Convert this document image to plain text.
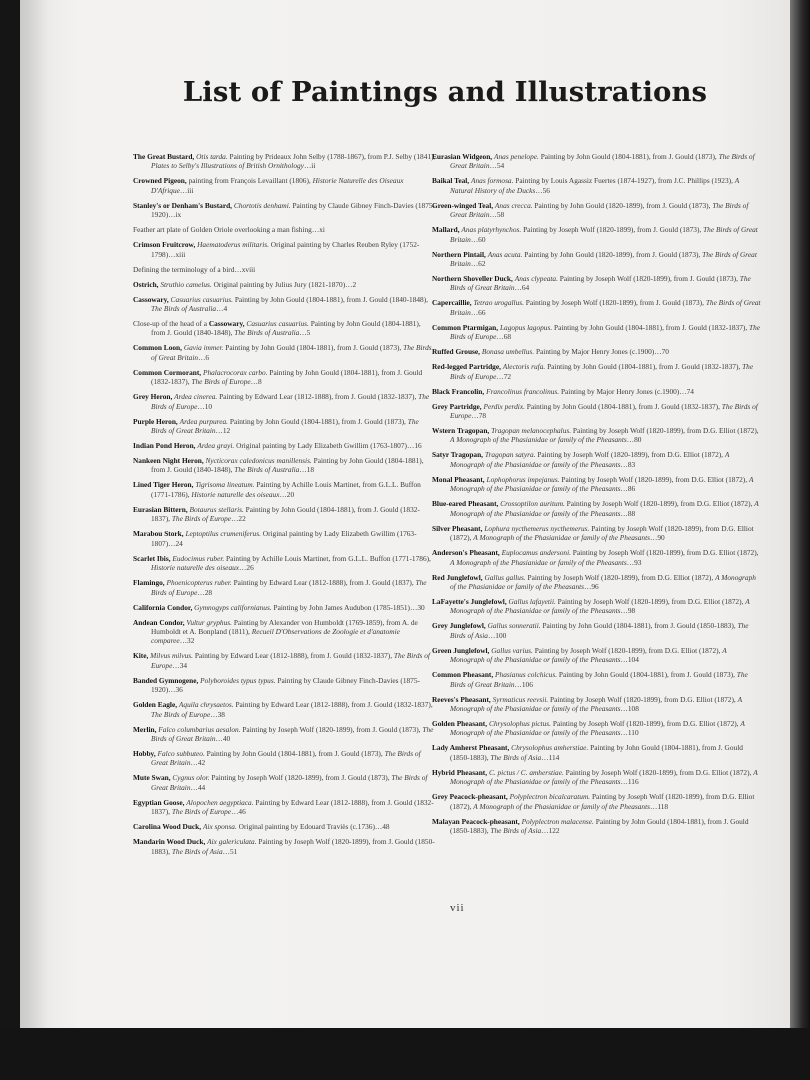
List of Paintings and Illustrations
The Great Bustard, Otis tarda. Painting by Prideaux John Selby (1788-1867), from P.J. Selby (1841), Plates to Selby's Illustrations of British Ornithology…ii
Crowned Pigeon, painting from François Levaillant (1806), Historie Naturelle des Oiseaux D'Afrique…iii
Stanley's or Denham's Bustard, Chortotis denhami. Painting by Claude Gibney Finch-Davies (1875-1920)…ix
Feather art plate of Golden Oriole overlooking a man fishing…xi
Crimson Fruitcrow, Haematoderus militaris. Original painting by Charles Reuben Ryley (1752-1798)…xiii
Defining the terminology of a bird…xviii
Ostrich, Struthio camelus. Original painting by Julius Jury (1821-1870)…2
Cassowary, Casuarius casuarius. Painting by John Gould (1804-1881), from J. Gould (1840-1848), The Birds of Australia…4
Close-up of the head of a Cassowary, Casuarius casuarius. Painting by John Gould (1804-1881), from J. Gould (1840-1848), The Birds of Australia…5
Common Loon, Gavia immer. Painting by John Gould (1804-1881), from J. Gould (1873), The Birds of Great Britain…6
Common Cormorant, Phalacrocorax carbo. Painting by John Gould (1804-1881), from J. Gould (1832-1837), The Birds of Europe…8
Grey Heron, Ardea cinerea. Painting by Edward Lear (1812-1888), from J. Gould (1832-1837), The Birds of Europe…10
Purple Heron, Ardea purpurea. Painting by John Gould (1804-1881), from J. Gould (1873), The Birds of Great Britain…12
Indian Pond Heron, Ardea grayi. Original painting by Lady Elizabeth Gwillim (1763-1807)…16
Nankeen Night Heron, Nycticorax caledonicus manillensis. Painting by John Gould (1804-1881), from J. Gould (1840-1848), The Birds of Australia…18
Lined Tiger Heron, Tigrisoma lineatum. Painting by Achille Louis Martinet, from G.L.L. Buffon (1771-1786), Historie naturelle des oiseaux…20
Eurasian Bittern, Botaurus stellaris. Painting by John Gould (1804-1881), from J. Gould (1832-1837), The Birds of Europe…22
Marabou Stork, Leptoptilus crumeniferus. Original painting by Lady Elizabeth Gwillim (1763-1807)…24
Scarlet Ibis, Eudocimus ruber. Painting by Achille Louis Martinet, from G.L.L. Buffon (1771-1786), Historie naturelle des oiseaux…26
Flamingo, Phoenicopterus ruber. Painting by Edward Lear (1812-1888), from J. Gould (1837), The Birds of Europe…28
California Condor, Gymnogyps californianus. Painting by John James Audubon (1785-1851)…30
Andean Condor, Vultur gryphus. Painting by Alexander von Humboldt (1769-1859), from A. de Humboldt et A. Bonpland (1811), Recueil D'Observations de Zoologie et d'anatomie comparee…32
Kite, Milvus milvus. Painting by Edward Lear (1812-1888), from J. Gould (1832-1837), The Birds of Europe…34
Banded Gymnogene, Polyboroides typus typus. Painting by Claude Gibney Finch-Davies (1875-1920)…36
Golden Eagle, Aquila chrysaetos. Painting by Edward Lear (1812-1888), from J. Gould (1832-1837), The Birds of Europe…38
Merlin, Falco columbarius aesalon. Painting by Joseph Wolf (1820-1899), from J. Gould (1873), The Birds of Great Britain…40
Hobby, Falco subbuteo. Painting by John Gould (1804-1881), from J. Gould (1873), The Birds of Great Britain…42
Mute Swan, Cygnus olor. Painting by Joseph Wolf (1820-1899), from J. Gould (1873), The Birds of Great Britain…44
Egyptian Goose, Alopochen aegyptiaca. Painting by Edward Lear (1812-1888), from J. Gould (1832-1837), The Birds of Europe…46
Carolina Wood Duck, Aix sponsa. Original painting by Edouard Traviès (c.1736)…48
Mandarin Wood Duck, Aix galericulata. Painting by Joseph Wolf (1820-1899), from J. Gould (1850-1883), The Birds of Asia…51
Eurasian Widgeon, Anas penelope. Painting by John Gould (1804-1881), from J. Gould (1873), The Birds of Great Britain…54
Baikal Teal, Anas formosa. Painting by Louis Agassiz Fuertes (1874-1927), from J.C. Phillips (1923), A Natural History of the Ducks…56
Green-winged Teal, Anas crecca. Painting by John Gould (1820-1899), from J. Gould (1873), The Birds of Great Britain…58
Mallard, Anas platyrhynchos. Painting by Joseph Wolf (1820-1899), from J. Gould (1873), The Birds of Great Britain…60
Northern Pintail, Anas acuta. Painting by John Gould (1820-1899), from J. Gould (1873), The Birds of Great Britain…62
Northern Shoveller Duck, Anas clypeata. Painting by Joseph Wolf (1820-1899), from J. Gould (1873), The Birds of Great Britain…64
Capercaillie, Tetrao urogallus. Painting by Joseph Wolf (1820-1899), from J. Gould (1873), The Birds of Great Britain…66
Common Ptarmigan, Lagopus lagopus. Painting by John Gould (1804-1881), from J. Gould (1832-1837), The Birds of Europe…68
Ruffed Grouse, Bonasa umbellus. Painting by Major Henry Jones (c.1900)…70
Red-legged Partridge, Alectoris rufa. Painting by John Gould (1804-1881), from J. Gould (1832-1837), The Birds of Europe…72
Black Francolin, Francolinus francolinus. Painting by Major Henry Jones (c.1900)…74
Grey Partridge, Perdix perdix. Painting by John Gould (1804-1881), from J. Gould (1832-1837), The Birds of Europe…78
Wstern Tragopan, Tragopan melanocephalus. Painting by Joseph Wolf (1820-1899), from D.G. Elliot (1872), A Monograph of the Phasianidae or family of the Pheasants…80
Satyr Tragopan, Tragopan satyra. Painting by Joseph Wolf (1820-1899), from D.G. Elliot (1872), A Monograph of the Phasianidae or family of the Pheasants…83
Monal Pheasant, Lophophorus impejanus. Painting by Joseph Wolf (1820-1899), from D.G. Elliot (1872), A Monograph of the Phasianidae or family of the Pheasants…86
Blue-eared Pheasant, Crossoptilon auritum. Painting by Joseph Wolf (1820-1899), from D.G. Elliot (1872), A Monograph of the Phasianidae or family of the Pheasants…88
Silver Pheasant, Lophura nycthemerus nycthemerus. Painting by Joseph Wolf (1820-1899), from D.G. Elliot (1872), A Monograph of the Phasianidae or family of the Pheasants…90
Anderson's Pheasant, Euplocamus andersoni. Painting by Joseph Wolf (1820-1899), from D.G. Elliot (1872), A Monograph of the Phasianidae or family of the Pheasants…93
Red Junglefowl, Gallus gallus. Painting by Joseph Wolf (1820-1899), from D.G. Elliot (1872), A Monograph of the Phasianidae or family of the Pheasants…96
LaFayette's Junglefowl, Gallus lafayetii. Painting by Joseph Wolf (1820-1899), from D.G. Elliot (1872), A Monograph of the Phasianidae or family of the Pheasants…98
Grey Junglefowl, Gallus sonneratii. Painting by John Gould (1804-1881), from J. Gould (1850-1883), The Birds of Asia…100
Green Junglefowl, Gallus varius. Painting by Joseph Wolf (1820-1899), from D.G. Elliot (1872), A Monograph of the Phasianidae or family of the Pheasants…104
Common Pheasant, Phasianus colchicus. Painting by John Gould (1804-1881), from J. Gould (1873), The Birds of Great Britain…106
Reeves's Pheasant, Syrmaticus reevsii. Painting by Joseph Wolf (1820-1899), from D.G. Elliot (1872), A Monograph of the Phasianidae or family of the Pheasants…108
Golden Pheasant, Chrysolophus pictus. Painting by Joseph Wolf (1820-1899), from D.G. Elliot (1872), A Monograph of the Phasianidae or family of the Pheasants…110
Lady Amherst Pheasant, Chrysolophus amherstiae. Painting by John Gould (1804-1881), from J. Gould (1850-1883), The Birds of Asia…114
Hybrid Pheasant, C. pictus / C. amherstiae. Painting by Joseph Wolf (1820-1899), from D.G. Elliot (1872), A Monograph of the Phasianidae or family of the Pheasants…116
Grey Peacock-pheasant, Polyplectron bicalcaratum. Painting by Joseph Wolf (1820-1899), from D.G. Elliot (1872), A Monograph of the Phasianidae or family of the Pheasants…118
Malayan Peacock-pheasant, Polyplectron malacense. Painting by John Gould (1804-1881), from J. Gould (1850-1883), The Birds of Asia…122
vii
